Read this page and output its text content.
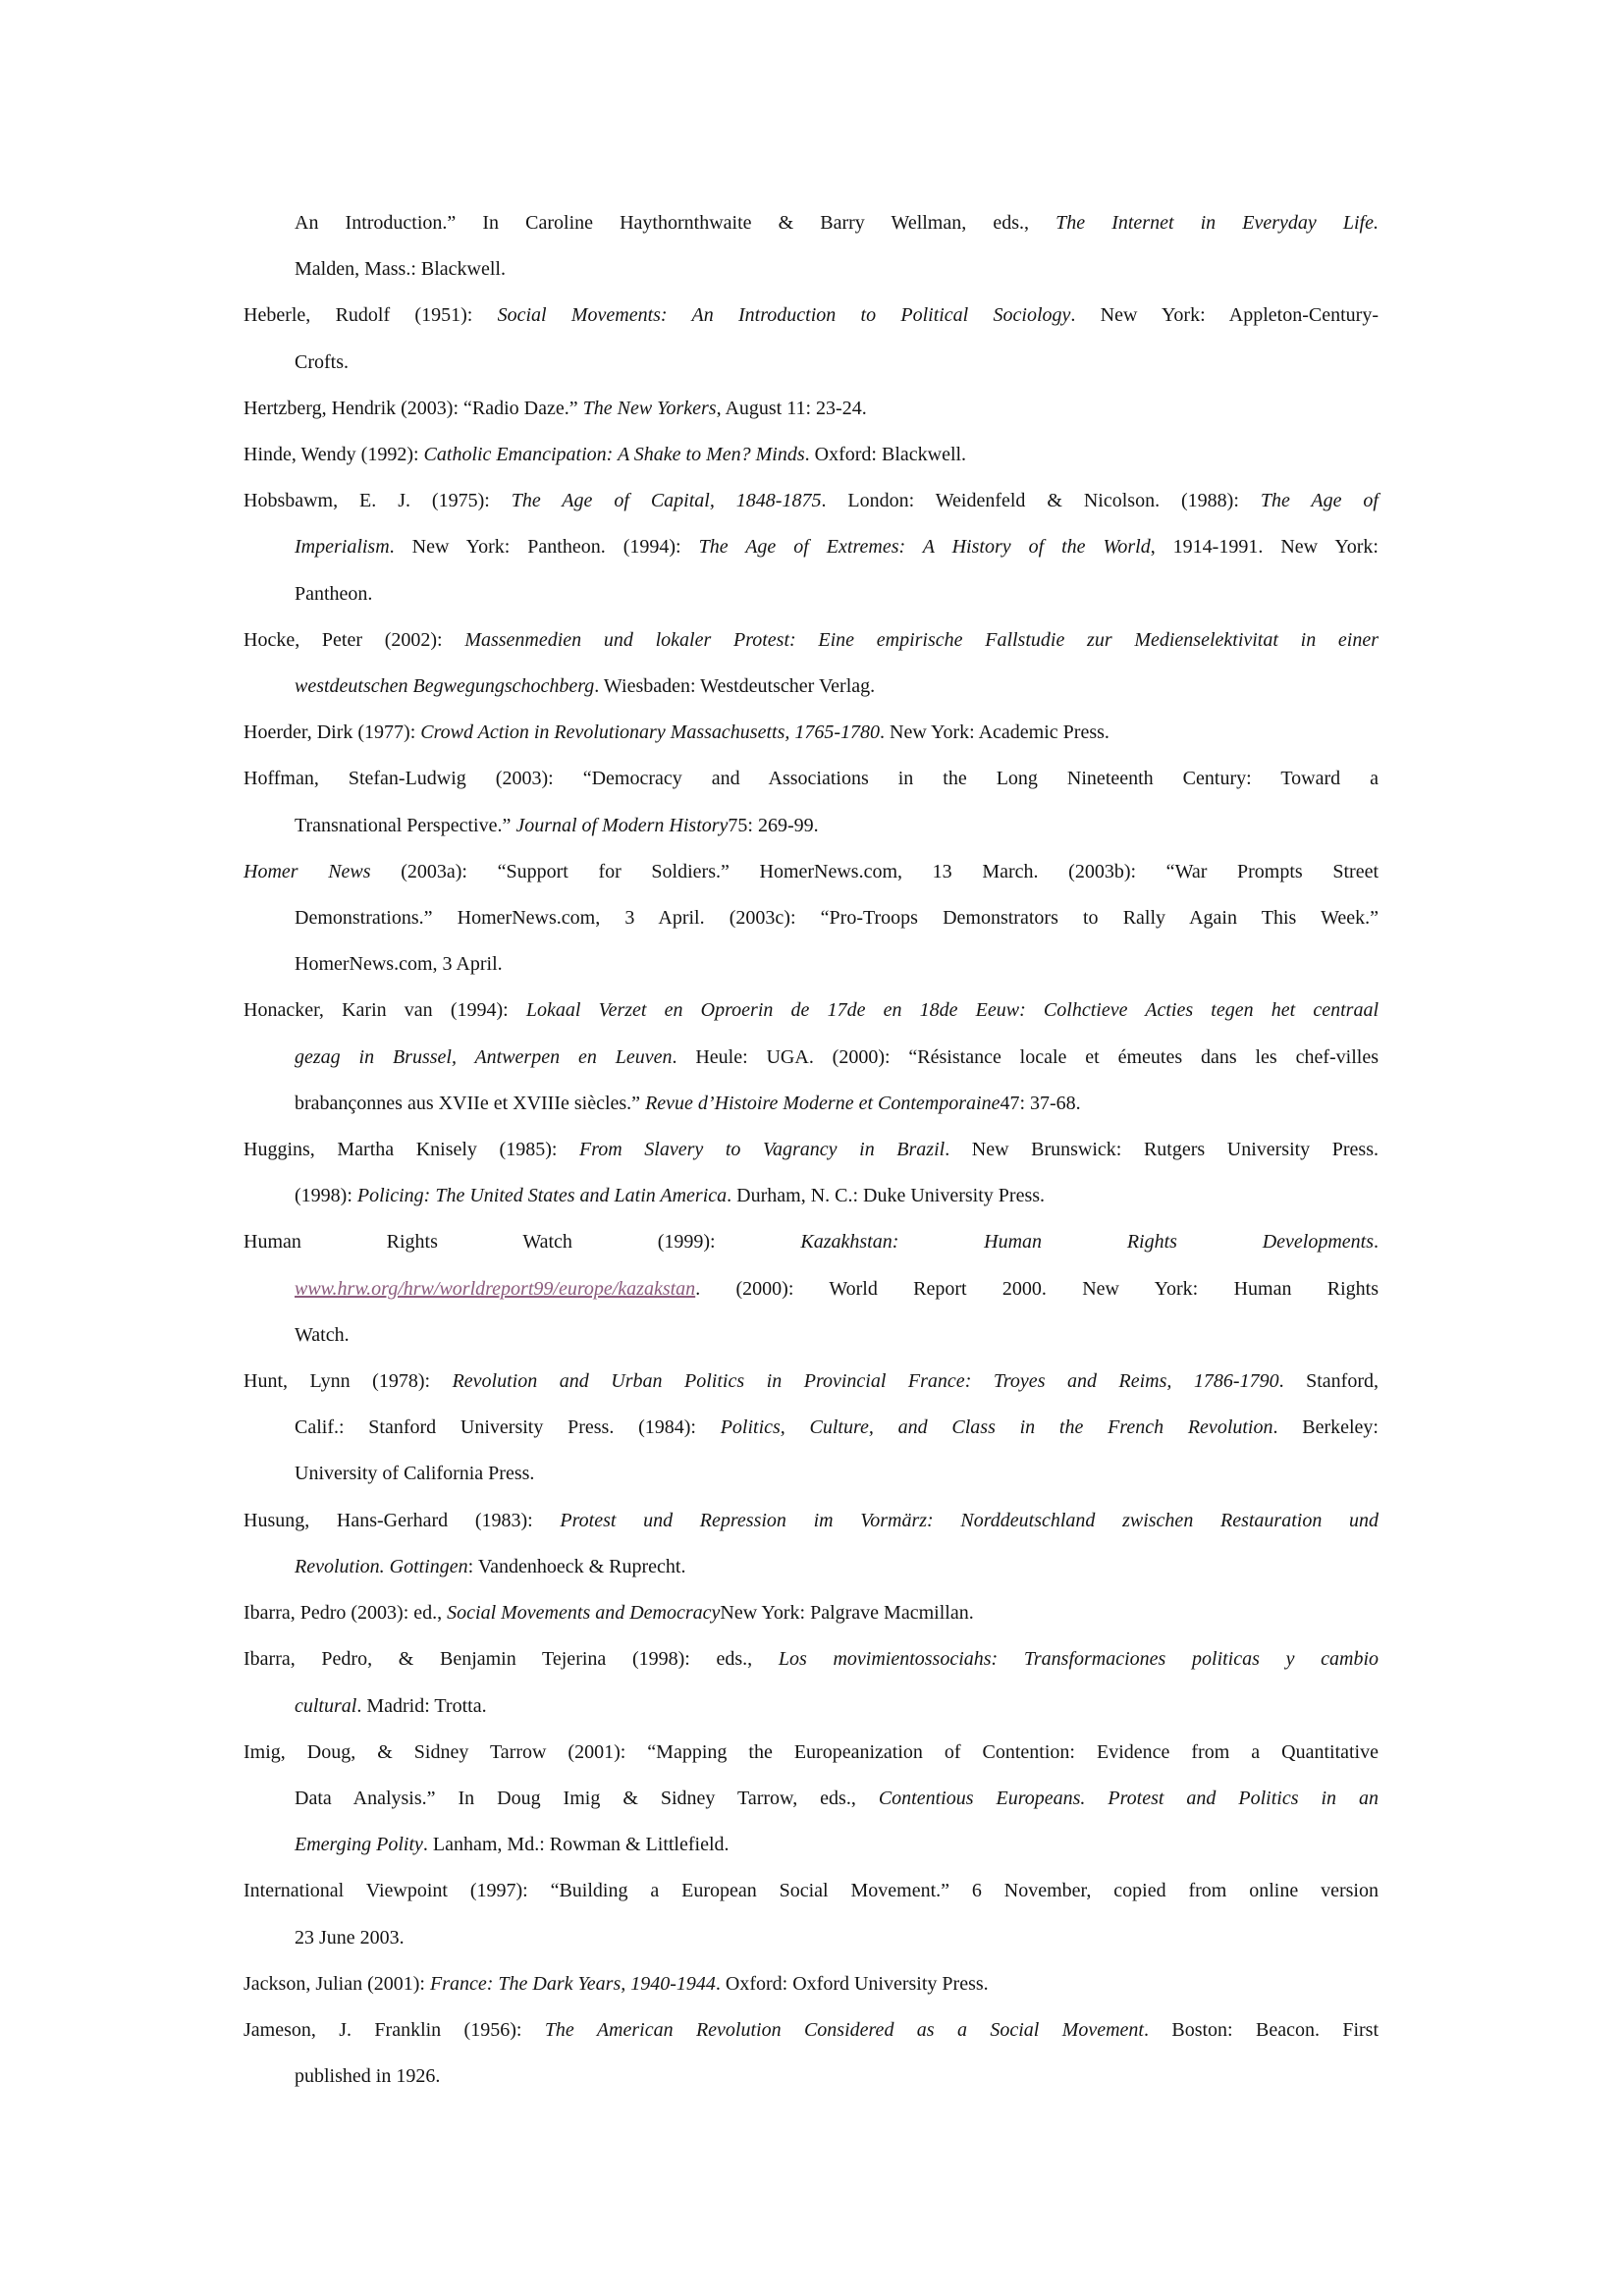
An Introduction.” In Caroline Haythornthwaite & Barry Wellman, eds., The Internet in Everyday Life.
Malden, Mass.: Blackwell.
Heberle, Rudolf (1951): Social Movements: An Introduction to Political Sociology. New York: Appleton-Century-
Crofts.
Hertzberg, Hendrik (2003): “Radio Daze.” The New Yorkers, August 11: 23-24.
Hinde, Wendy (1992): Catholic Emancipation: A Shake to Men? Minds. Oxford: Blackwell.
Hobsbawm, E. J. (1975): The Age of Capital, 1848-1875. London: Weidenfeld & Nicolson. (1988): The Age of
Imperialism. New York: Pantheon. (1994): The Age of Extremes: A History of the World, 1914-1991. New York:
Pantheon.
Hocke, Peter (2002): Massenmedien und lokaler Protest: Eine empirische Fallstudie zur Medienselektivitat in einer
westdeutschen Begwegungschochberg. Wiesbaden: Westdeutscher Verlag.
Hoerder, Dirk (1977): Crowd Action in Revolutionary Massachusetts, 1765-1780. New York: Academic Press.
Hoffman, Stefan-Ludwig (2003): “Democracy and Associations in the Long Nineteenth Century: Toward a
Transnational Perspective.” Journal of Modern History75: 269-99.
Homer News (2003a): “Support for Soldiers.” HomerNews.com, 13 March. (2003b): “War Prompts Street
Demonstrations.” HomerNews.com, 3 April. (2003c): “Pro-Troops Demonstrators to Rally Again This Week.”
HomerNews.com, 3 April.
Honacker, Karin van (1994): Lokaal Verzet en Oproerin de 17de en 18de Eeuw: Colhctieve Acties tegen het centraal
gezag in Brussel, Antwerpen en Leuven. Heule: UGA. (2000): “Résistance locale et émeutes dans les chef-villes
brabançonnes aus XVIIe et XVIIIe siècles.” Revue d’Histoire Moderne et Contemporaine47: 37-68.
Huggins, Martha Knisely (1985): From Slavery to Vagrancy in Brazil. New Brunswick: Rutgers University Press.
(1998): Policing: The United States and Latin America. Durham, N. C.: Duke University Press.
Human Rights Watch (1999): Kazakhstan: Human Rights Developments.
www.hrw.org/hrw/worldreport99/europe/kazakstan. (2000): World Report 2000. New York: Human Rights
Watch.
Hunt, Lynn (1978): Revolution and Urban Politics in Provincial France: Troyes and Reims, 1786-1790. Stanford,
Calif.: Stanford University Press. (1984): Politics, Culture, and Class in the French Revolution. Berkeley:
University of California Press.
Husung, Hans-Gerhard (1983): Protest und Repression im Vormärz: Norddeutschland zwischen Restauration und
Revolution. Gottingen: Vandenhoeck & Ruprecht.
Ibarra, Pedro (2003): ed., Social Movements and DemocracyNew York: Palgrave Macmillan.
Ibarra, Pedro, & Benjamin Tejerina (1998): eds., Los movimientossociahs: Transformaciones politicas y cambio
cultural. Madrid: Trotta.
Imig, Doug, & Sidney Tarrow (2001): “Mapping the Europeanization of Contention: Evidence from a Quantitative
Data Analysis.” In Doug Imig & Sidney Tarrow, eds., Contentious Europeans. Protest and Politics in an
Emerging Polity. Lanham, Md.: Rowman & Littlefield.
International Viewpoint (1997): “Building a European Social Movement.” 6 November, copied from online version
23 June 2003.
Jackson, Julian (2001): France: The Dark Years, 1940-1944. Oxford: Oxford University Press.
Jameson, J. Franklin (1956): The American Revolution Considered as a Social Movement. Boston: Beacon. First
published in 1926.
